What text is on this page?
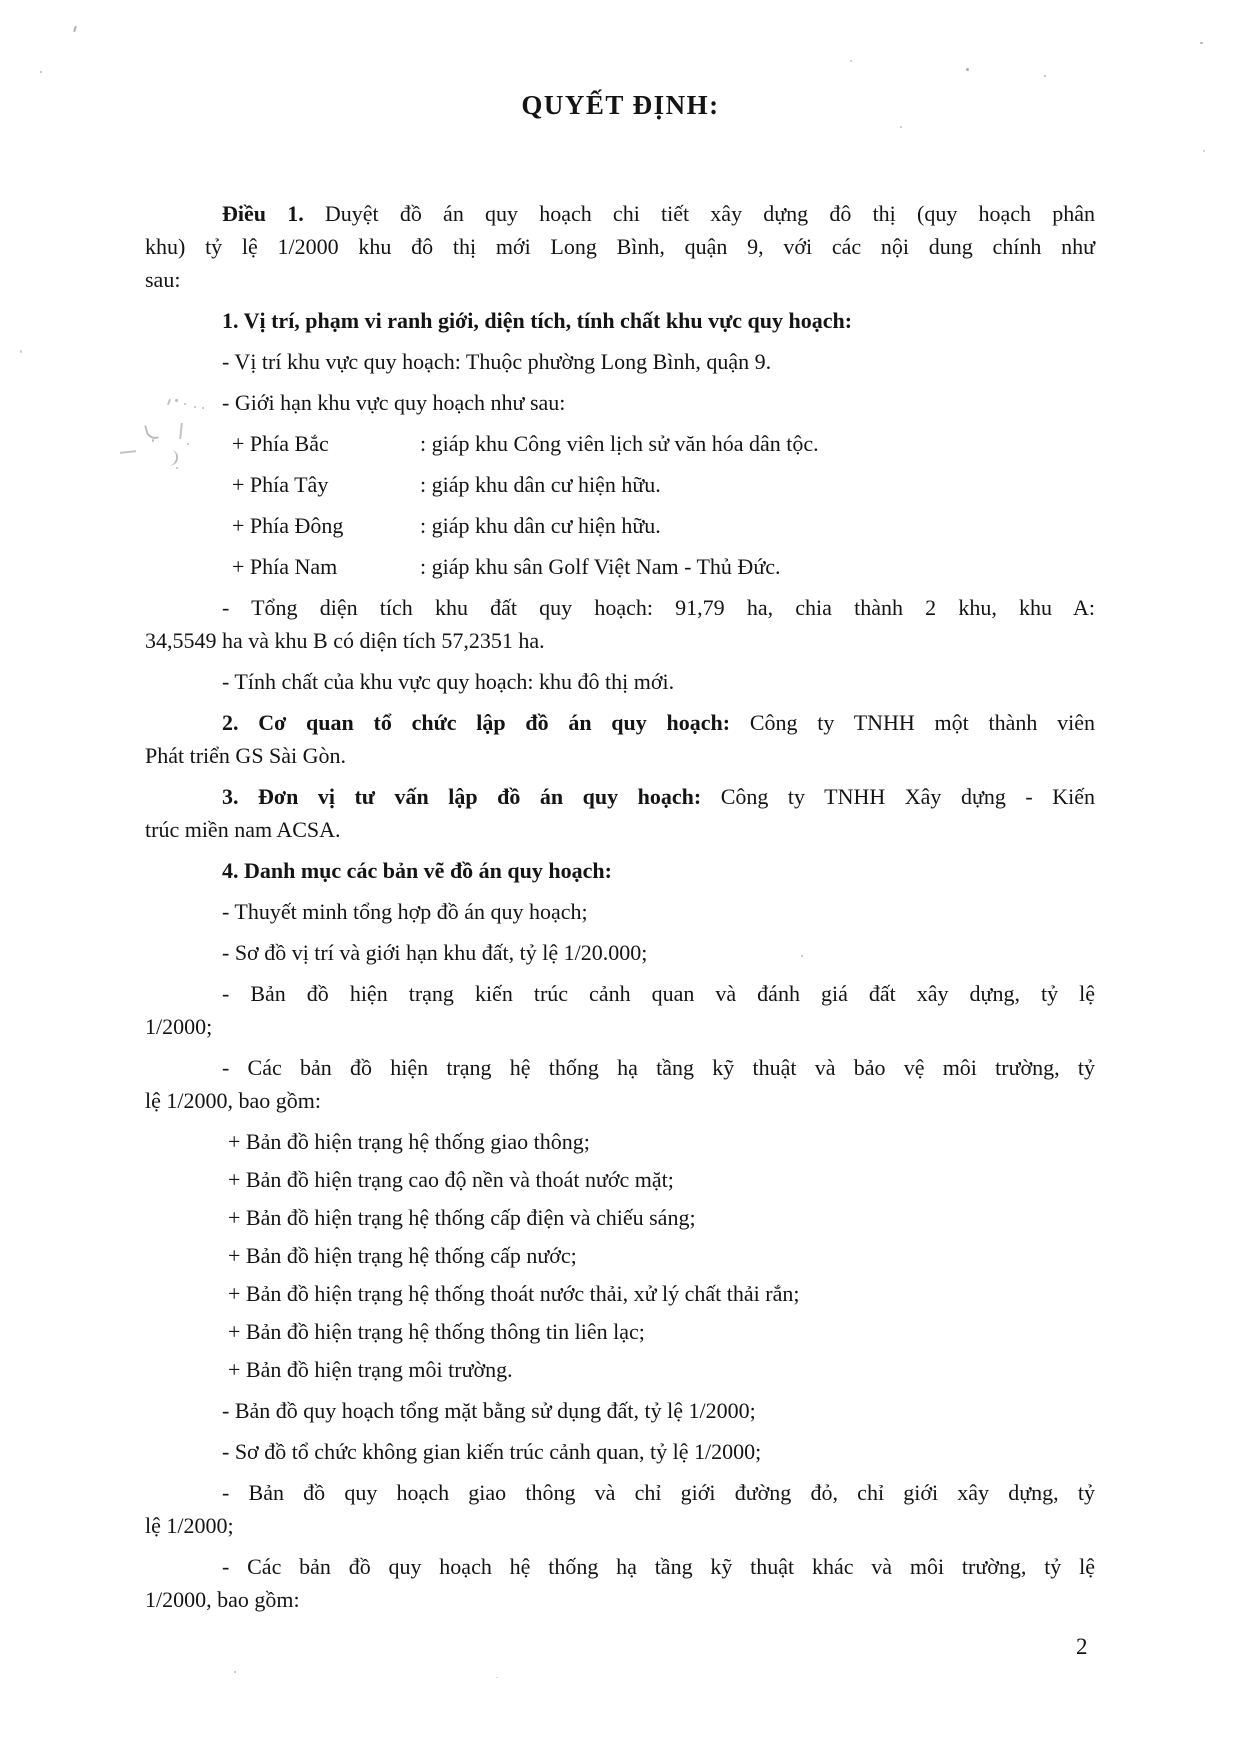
QUYẾT ĐỊNH:
Điều 1. Duyệt đồ án quy hoạch chi tiết xây dựng đô thị (quy hoạch phân
khu) tỷ lệ 1/2000 khu đô thị mới Long Bình, quận 9, với các nội dung chính như
sau:
1. Vị trí, phạm vi ranh giới, diện tích, tính chất khu vực quy hoạch:
- Vị trí khu vực quy hoạch: Thuộc phường Long Bình, quận 9.
- Giới hạn khu vực quy hoạch như sau:
+ Phía Bắc	: giáp khu Công viên lịch sử văn hóa dân tộc.
+ Phía Tây	: giáp khu dân cư hiện hữu.
+ Phía Đông	: giáp khu dân cư hiện hữu.
+ Phía Nam	: giáp khu sân Golf Việt Nam - Thủ Đức.
- Tổng diện tích khu đất quy hoạch: 91,79 ha, chia thành 2 khu, khu A:
34,5549 ha và khu B có diện tích 57,2351 ha.
- Tính chất của khu vực quy hoạch: khu đô thị mới.
2. Cơ quan tổ chức lập đồ án quy hoạch: Công ty TNHH một thành viên
Phát triển GS Sài Gòn.
3. Đơn vị tư vấn lập đồ án quy hoạch: Công ty TNHH Xây dựng - Kiến
trúc miền nam ACSA.
4. Danh mục các bản vẽ đồ án quy hoạch:
- Thuyết minh tổng hợp đồ án quy hoạch;
- Sơ đồ vị trí và giới hạn khu đất, tỷ lệ 1/20.000;
- Bản đồ hiện trạng kiến trúc cảnh quan và đánh giá đất xây dựng, tỷ lệ
1/2000;
- Các bản đồ hiện trạng hệ thống hạ tầng kỹ thuật và bảo vệ môi trường, tỷ
lệ 1/2000, bao gồm:
+ Bản đồ hiện trạng hệ thống giao thông;
+ Bản đồ hiện trạng cao độ nền và thoát nước mặt;
+ Bản đồ hiện trạng hệ thống cấp điện và chiếu sáng;
+ Bản đồ hiện trạng hệ thống cấp nước;
+ Bản đồ hiện trạng hệ thống thoát nước thải, xử lý chất thải rắn;
+ Bản đồ hiện trạng hệ thống thông tin liên lạc;
+ Bản đồ hiện trạng môi trường.
- Bản đồ quy hoạch tổng mặt bằng sử dụng đất, tỷ lệ 1/2000;
- Sơ đồ tổ chức không gian kiến trúc cảnh quan, tỷ lệ 1/2000;
- Bản đồ quy hoạch giao thông và chỉ giới đường đỏ, chỉ giới xây dựng, tỷ
lệ 1/2000;
- Các bản đồ quy hoạch hệ thống hạ tầng kỹ thuật khác và môi trường, tỷ lệ
1/2000, bao gồm:
2
